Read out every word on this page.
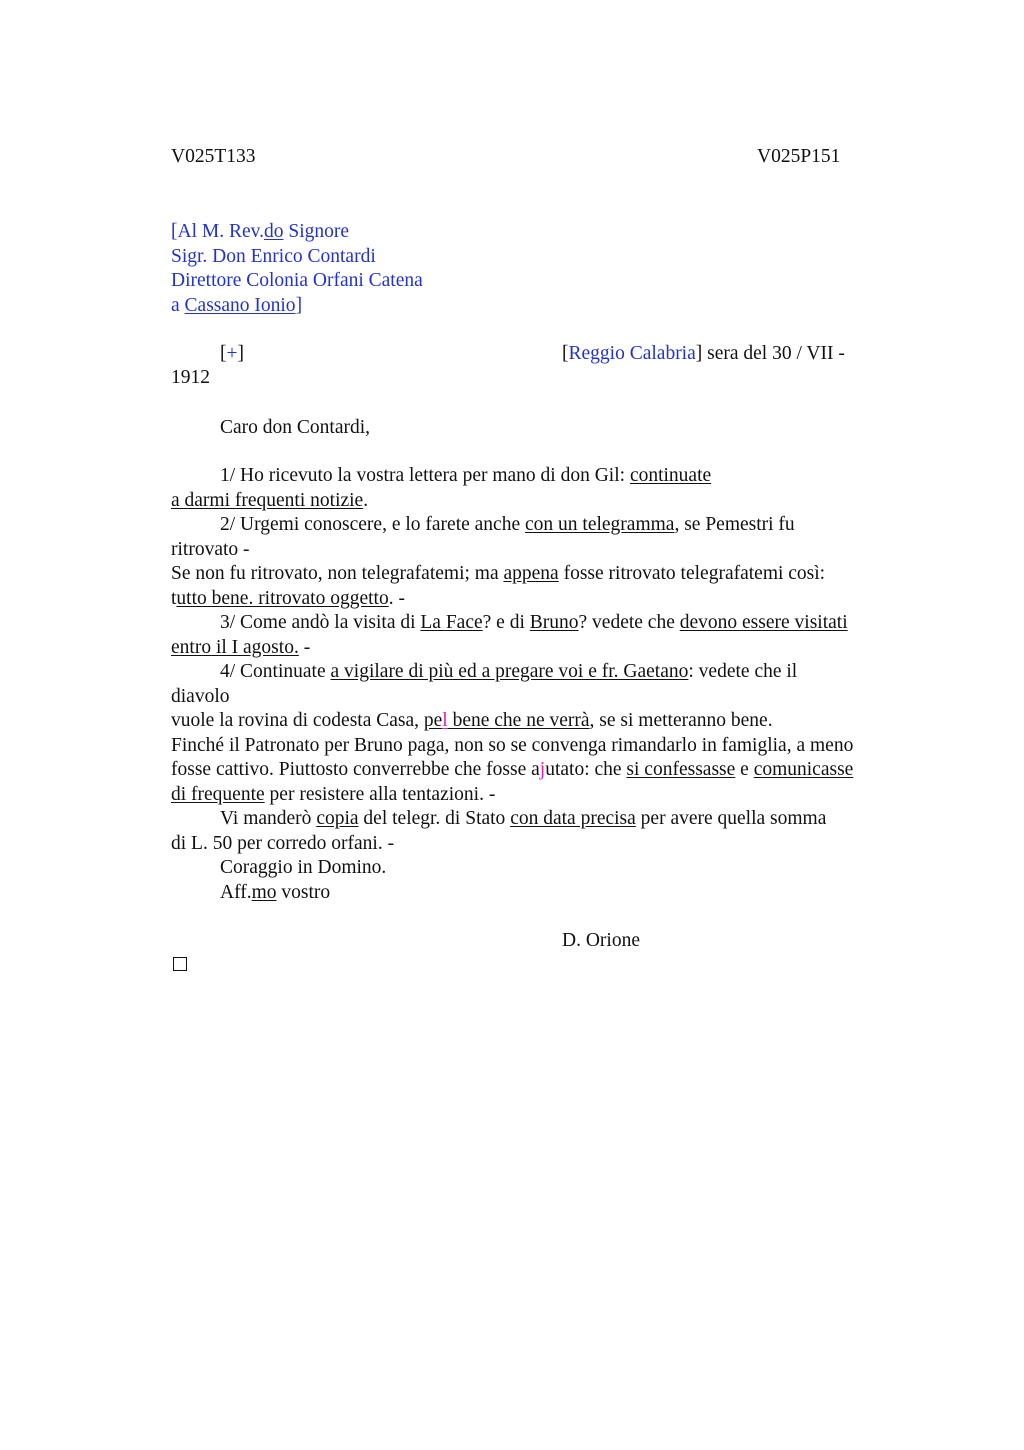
V025T133	V025P151
[Al M. Rev.do Signore
Sigr. Don Enrico Contardi
Direttore Colonia Orfani Catena
a Cassano Ionio]
[+]	[Reggio Calabria] sera del 30 / VII -
1912
Caro don Contardi,
1/ Ho ricevuto la vostra lettera per mano di don Gil: continuate
a darmi frequenti notizie.
2/ Urgemi conoscere, e lo farete anche con un telegramma, se Pemestri fu
ritrovato -
Se non fu ritrovato, non telegrafatemi; ma appena fosse ritrovato telegrafatemi così:
tutto bene. ritrovato oggetto. -
3/ Come andò la visita di La Face? e di Bruno? vedete che devono essere visitati
entro il I agosto. -
4/ Continuate a vigilare di più ed a pregare voi e fr. Gaetano: vedete che il
diavolo
vuole la rovina di codesta Casa, pel bene che ne verrà, se si metteranno bene.
Finché il Patronato per Bruno paga, non so se convenga rimandarlo in famiglia, a meno
fosse cattivo. Piuttosto converrebbe che fosse ajutato: che si confessasse e comunicasse
di frequente per resistere alla tentazioni. -
Vi manderò copia del telegr. di Stato con data precisa per avere quella somma
di L. 50 per corredo orfani. -
Coraggio in Domino.
Aff.mo vostro
D. Orione
